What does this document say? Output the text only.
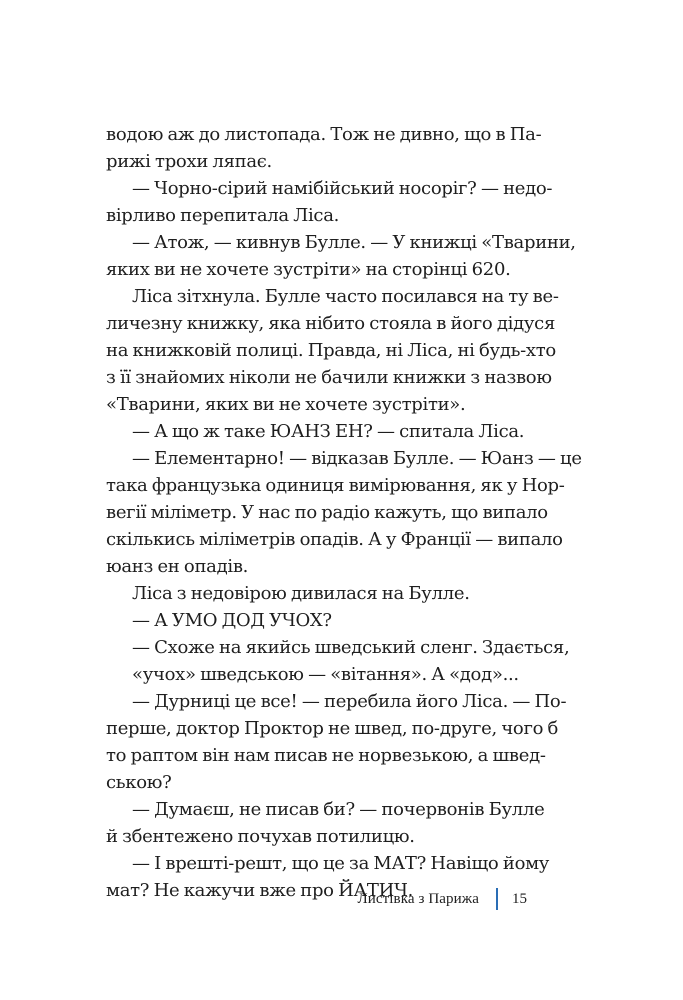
водою аж до листопада. Тож не дивно, що в Па-
рижі трохи ляпає.
— Чорно-сірий намібійський носоріг? — недо-
вірливо перепитала Ліса.
— Атож, — кивнув Булле. — У книжці «Тварини,
яких ви не хочете зустріти» на сторінці 620.
Ліса зітхнула. Булле часто посилався на ту ве-
личезну книжку, яка нібито стояла в його дідуся
на книжковій полиці. Правда, ні Ліса, ні будь-хто
з її знайомих ніколи не бачили книжки з назвою
«Тварини, яких ви не хочете зустріти».
— А що ж таке ЮАНЗ ЕН? — спитала Ліса.
— Елементарно! — відказав Булле. — Юанз — це
така французька одиниця вимірювання, як у Нор-
вегії міліметр. У нас по радіо кажуть, що випало
скількись міліметрів опадів. А у Франції — випало
юанз ен опадів.
Ліса з недовірою дивилася на Булле.
— А УМО ДОД УЧОХ?
— Схоже на якийсь шведський сленг. Здається,
«учох» шведською — «вітання». А «дод»...
— Дурниці це все! — перебила його Ліса. — По-
перше, доктор Проктор не швед, по-друге, чого б
то раптом він нам писав не норвезькою, а швед-
ською?
— Думаєш, не писав би? — почервонів Булле
й збентежено почухав потилицю.
— І врешті-решт, що це за МАТ? Навіщо йому
мат? Не кажучи вже про ЙАТИЧ.
Листівка з Парижа 15
